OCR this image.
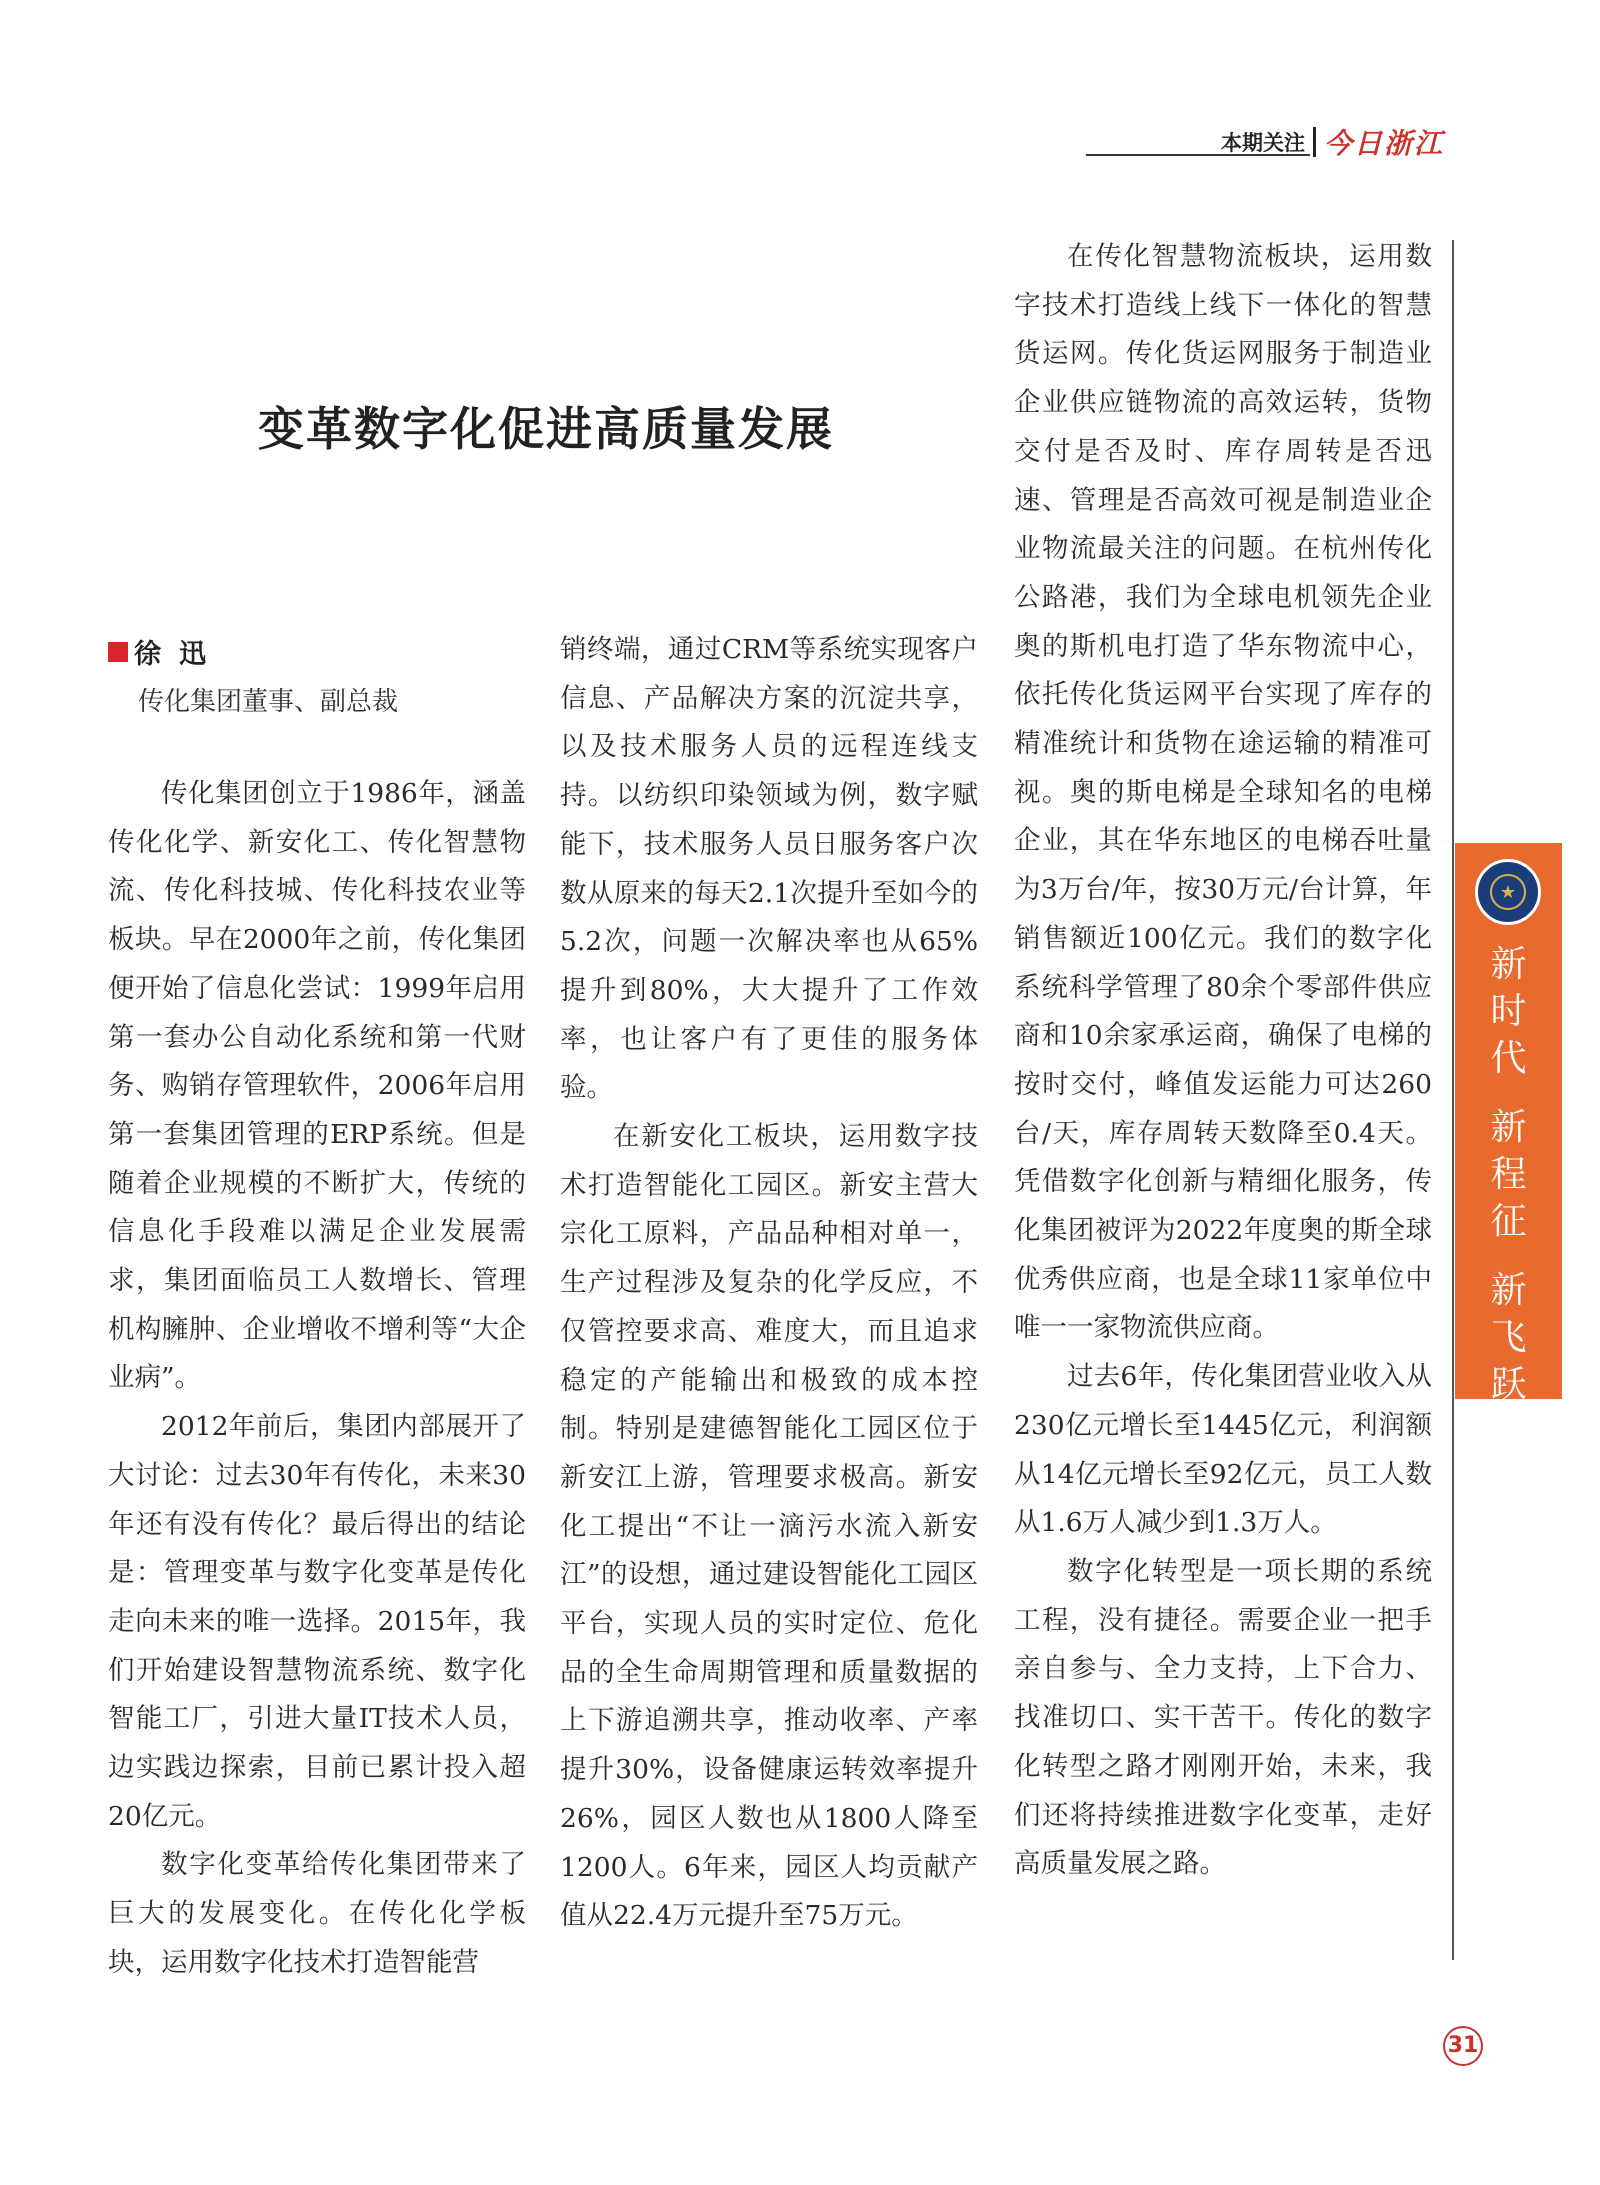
本期关注 今日浙江
变革数字化促进高质量发展
徐迅
传化集团董事、副总裁

传化集团创立于1986年，涵盖传化化学、新安化工、传化智慧物流、传化科技城、传化科技农业等板块。早在2000年之前，传化集团便开始了信息化尝试：1999年启用第一套办公自动化系统和第一代财务、购销存管理软件，2006年启用第一套集团管理的ERP系统。但是随着企业规模的不断扩大，传统的信息化手段难以满足企业发展需求，集团面临员工人数增长、管理机构臃肿、企业增收不增利等“大企业病”。

2012年前后，集团内部展开了大讨论：过去30年有传化，未来30年还有没有传化？最后得出的结论是：管理变革与数字化变革是传化走向未来的唯一选择。2015年，我们开始建设智慧物流系统、数字化智能工厂，引进大量IT技术人员，边实践边探索，目前已累计投入超20亿元。

数字化变革给传化集团带来了巨大的发展变化。在传化化学板块，运用数字化技术打造智能营

销终端，通过CRM等系统实现客户信息、产品解决方案的沉淀共享，以及技术服务人员的远程连线支持。以纺织印染领域为例，数字赋能下，技术服务人员日服务客户次数从原来的每天2.1次提升至如今的5.2次，问题一次解决率也从65%提升到80%，大大提升了工作效率，也让客户有了更佳的服务体验。

在新安化工板块，运用数字技术打造智能化工园区。新安主营大宗化工原料，产品品种相对单一，生产过程涉及复杂的化学反应，不仅管控要求高、难度大，而且追求稳定的产能输出和极致的成本控制。特别是建德智能化工园区位于新安江上游，管理要求极高。新安化工提出“不让一滴污水流入新安江”的设想，通过建设智能化工园区平台，实现人员的实时定位、危化品的全生命周期管理和质量数据的上下游追溯共享，推动收率、产率提升30%，设备健康运转效率提升26%，园区人数也从1800人降至1200人。6年来，园区人均贡献产值从22.4万元提升至75万元。

在传化智慧物流板块，运用数字技术打造线上线下一体化的智慧货运网。传化货运网服务于制造业企业供应链物流的高效运转，货物交付是否及时、库存周转是否迅速、管理是否高效可视是制造业企业物流最关注的问题。在杭州传化公路港，我们为全球电机领先企业奥的斯机电打造了华东物流中心，依托传化货运网平台实现了库存的精准统计和货物在途运输的精准可视。奥的斯电梯是全球知名的电梯企业，其在华东地区的电梯吞吐量为3万台/年，按30万元/台计算，年销售额近100亿元。我们的数字化系统科学管理了80余个零部件供应商和10余家承运商，确保了电梯的按时交付，峰值发运能力可达260台/天，库存周转天数降至0.4天。凭借数字化创新与精细化服务，传化集团被评为2022年度奥的斯全球优秀供应商，也是全球11家单位中唯一一家物流供应商。

过去6年，传化集团营业收入从230亿元增长至1445亿元，利润额从14亿元增长至92亿元，员工人数从1.6万人减少到1.3万人。

数字化转型是一项长期的系统工程，没有捷径。需要企业一把手亲自参与、全力支持，上下合力、找准切口、实干苦干。传化的数字化转型之路才刚刚开始，未来，我们还将持续推进数字化变革，走好高质量发展之路。

★
新
时
代
新
程
征
新
飞
跃
31
